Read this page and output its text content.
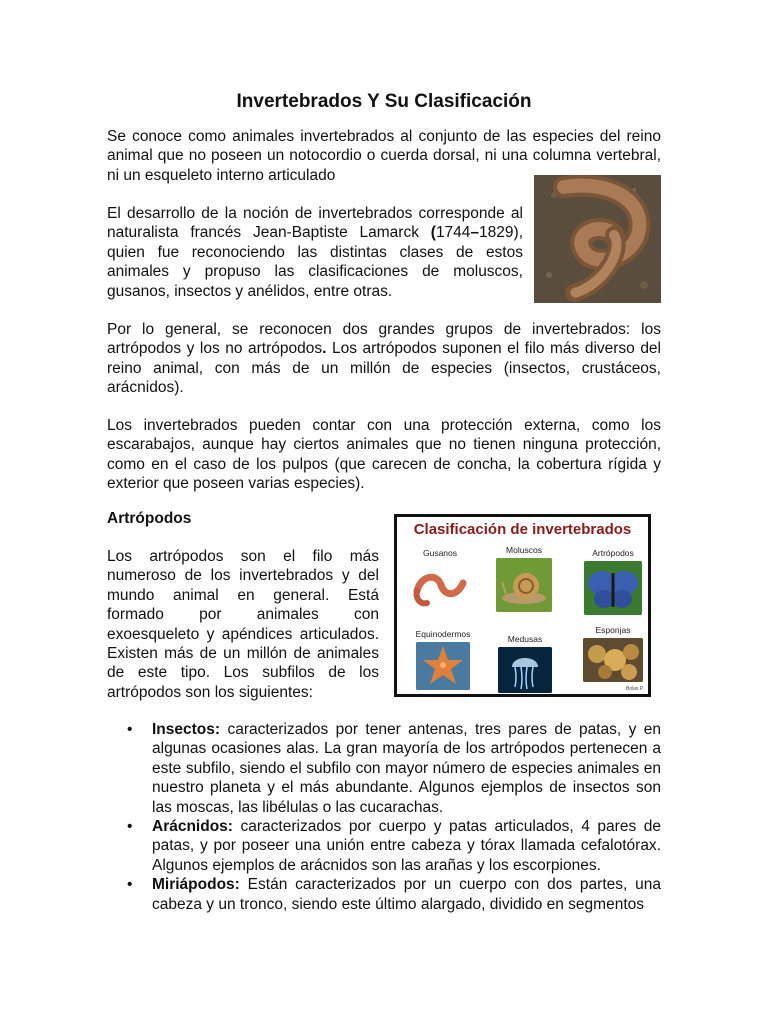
Invertebrados Y Su Clasificación

Se conoce como animales invertebrados al conjunto de las especies del reino animal que no poseen un notocordio o cuerda dorsal, ni una columna vertebral, ni un esqueleto interno articulado

El desarrollo de la noción de invertebrados corresponde al naturalista francés Jean-Baptiste Lamarck (1744–1829), quien fue reconociendo las distintas clases de estos animales y propuso las clasificaciones de moluscos, gusanos, insectos y anélidos, entre otras.

Por lo general, se reconocen dos grandes grupos de invertebrados: los artrópodos y los no artrópodos. Los artrópodos suponen el filo más diverso del reino animal, con más de un millón de especies (insectos, crustáceos, arácnidos).

Los invertebrados pueden contar con una protección externa, como los escarabajos, aunque hay ciertos animales que no tienen ninguna protección, como en el caso de los pulpos (que carecen de concha, la cobertura rígida y exterior que poseen varias especies).

Artrópodos

Los artrópodos son el filo más numeroso de los invertebrados y del mundo animal en general. Está formado por animales con exoesqueleto y apéndices articulados. Existen más de un millón de animales de este tipo. Los subfilos de los artrópodos son los siguientes:

Clasificación de invertebrados
Gusanos	Moluscos	Artrópodos
Equinodermos	Medusas
Esponjas
Bolas P.
• Insectos: caracterizados por tener antenas, tres pares de patas, y en algunas ocasiones alas. La gran mayoría de los artrópodos pertenecen a este subfilo, siendo el subfilo con mayor número de especies animales en nuestro planeta y el más abundante. Algunos ejemplos de insectos son las moscas, las libélulas o las cucarachas.
• Arácnidos: caracterizados por cuerpo y patas articulados, 4 pares de patas, y por poseer una unión entre cabeza y tórax llamada cefalotórax. Algunos ejemplos de arácnidos son las arañas y los escorpiones.
• Miriápodos: Están caracterizados por un cuerpo con dos partes, una cabeza y un tronco, siendo este último alargado, dividido en segmentos
